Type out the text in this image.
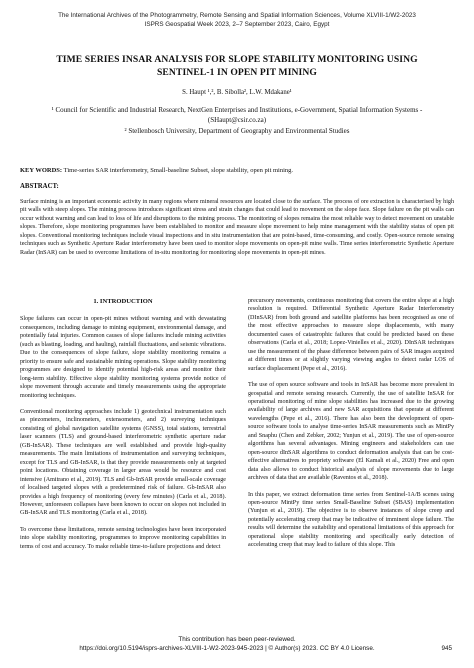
The International Archives of the Photogrammetry, Remote Sensing and Spatial Information Sciences, Volume XLVIII-1/W2-2023
ISPRS Geospatial Week 2023, 2–7 September 2023, Cairo, Egypt
TIME SERIES INSAR ANALYSIS FOR SLOPE STABILITY MONITORING USING SENTINEL-1 IN OPEN PIT MINING
S. Haupt ¹,², B. Sibolla², L.W. Mdakane¹
¹ Council for Scientific and Industrial Research, NextGen Enterprises and Institutions, e-Government, Spatial Information Systems - (SHaupt@csir.co.za)
² Stellenbosch University, Department of Geography and Environmental Studies
KEY WORDS: Time-series SAR interferometry, Small-baseline Subset, slope stability, open pit mining.
ABSTRACT:
Surface mining is an important economic activity in many regions where mineral resources are located close to the surface. The process of ore extraction is characterised by high pit walls with steep slopes. The mining process introduces significant stress and strain changes that could lead to movement on the slope face. Slope failure on the pit walls can occur without warning and can lead to loss of life and disruptions to the mining process. The monitoring of slopes remains the most reliable way to detect movement on unstable slopes. Therefore, slope monitoring programmes have been established to monitor and measure slope movement to help mine management with the stability status of open pit slopes. Conventional monitoring techniques include visual inspections and in situ instrumentation that are point-based, time-consuming, and costly. Open-source remote sensing techniques such as Synthetic Aperture Radar interferometry have been used to monitor slope movements on open-pit mine walls. Time series interferometric Synthetic Aperture Radar (InSAR) can be used to overcome limitations of in-situ monitoring for monitoring slope movements in open-pit mines.
1. INTRODUCTION

Slope failures can occur in open-pit mines without warning and with devastating consequences, including damage to mining equipment, environmental damage, and potentially fatal injuries. Common causes of slope failures include mining activities (such as blasting, loading, and hauling), rainfall fluctuations, and seismic vibrations. Due to the consequences of slope failure, slope stability monitoring remains a priority to ensure safe and sustainable mining operations. Slope stability monitoring programmes are designed to identify potential high-risk areas and monitor their long-term stability. Effective slope stability monitoring systems provide notice of slope movement through accurate and timely measurements using the appropriate monitoring techniques.

Conventional monitoring approaches include 1) geotechnical instrumentation such as piezometers, inclinometers, extensometers, and 2) surveying techniques consisting of global navigation satellite systems (GNSS), total stations, terrestrial laser scanners (TLS) and ground-based interferometric synthetic aperture radar (GB-InSAR). These techniques are well established and provide high-quality measurements. The main limitations of instrumentation and surveying techniques, except for TLS and GB-InSAR, is that they provide measurements only at targeted point locations. Obtaining coverage in larger areas would be resource and cost intensive (Amitrano et al., 2019). TLS and Gb-InSAR provide small-scale coverage of localised targeted slopes with a predetermined risk of failure. Gb-InSAR also provides a high frequency of monitoring (every few minutes) (Carla et al., 2018). However, unforeseen collapses have been known to occur on slopes not included in GB-InSAR and TLS monitoring (Carla et al., 2018).

To overcome these limitations, remote sensing technologies have been incorporated into slope stability monitoring, programmes to improve monitoring capabilities in terms of cost and accuracy. To make reliable time-to-failure projections and detect

precursory movements, continuous monitoring that covers the entire slope at a high resolution is required. Differential Synthetic Aperture Radar Interferometry (DInSAR) from both ground and satellite platforms has been recognised as one of the most effective approaches to measure slope displacements, with many documented cases of catastrophic failures that could be predicted based on these observations (Carla et al., 2018; Lopez-Vinielles et al., 2020). DInSAR techniques use the measurement of the phase difference between pairs of SAR images acquired at different times or at slightly varying viewing angles to detect radar LOS of surface displacement (Pepe et al., 2016).

The use of open source software and tools in InSAR has become more prevalent in geospatial and remote sensing research. Currently, the use of satellite InSAR for operational monitoring of mine slope stabilities has increased due to the growing availability of large archives and new SAR acquisitions that operate at different wavelengths (Pepe et al., 2016). There has also been the development of open-source software tools to analyse time-series InSAR measurements such as MintPy and Snaphu (Chen and Zebker, 2002; Yunjun et al., 2019). The use of open-source algorithms has several advantages. Mining engineers and stakeholders can use open-source dInSAR algorithms to conduct deformation analysis that can be cost-effective alternatives to propriety software (El Kamali et al., 2020) Free and open data also allows to conduct historical analysis of slope movements due to large archives of data that are available (Raventos et al., 2018).

In this paper, we extract deformation time series from Sentinel-1A/B scenes using open-source MintPy time series Small-Baseline Subset (SBAS) implementation (Yunjun et al., 2019). The objective is to observe instances of slope creep and potentially accelerating creep that may be indicative of imminent slope failure. The results will determine the suitability and operational limitations of this approach for operational slope stability monitoring and specifically early detection of accelerating creep that may lead to failure of this slope. This

This contribution has been peer-reviewed.
https://doi.org/10.5194/isprs-archives-XLVIII-1-W2-2023-945-2023 | © Author(s) 2023. CC BY 4.0 License.	945
